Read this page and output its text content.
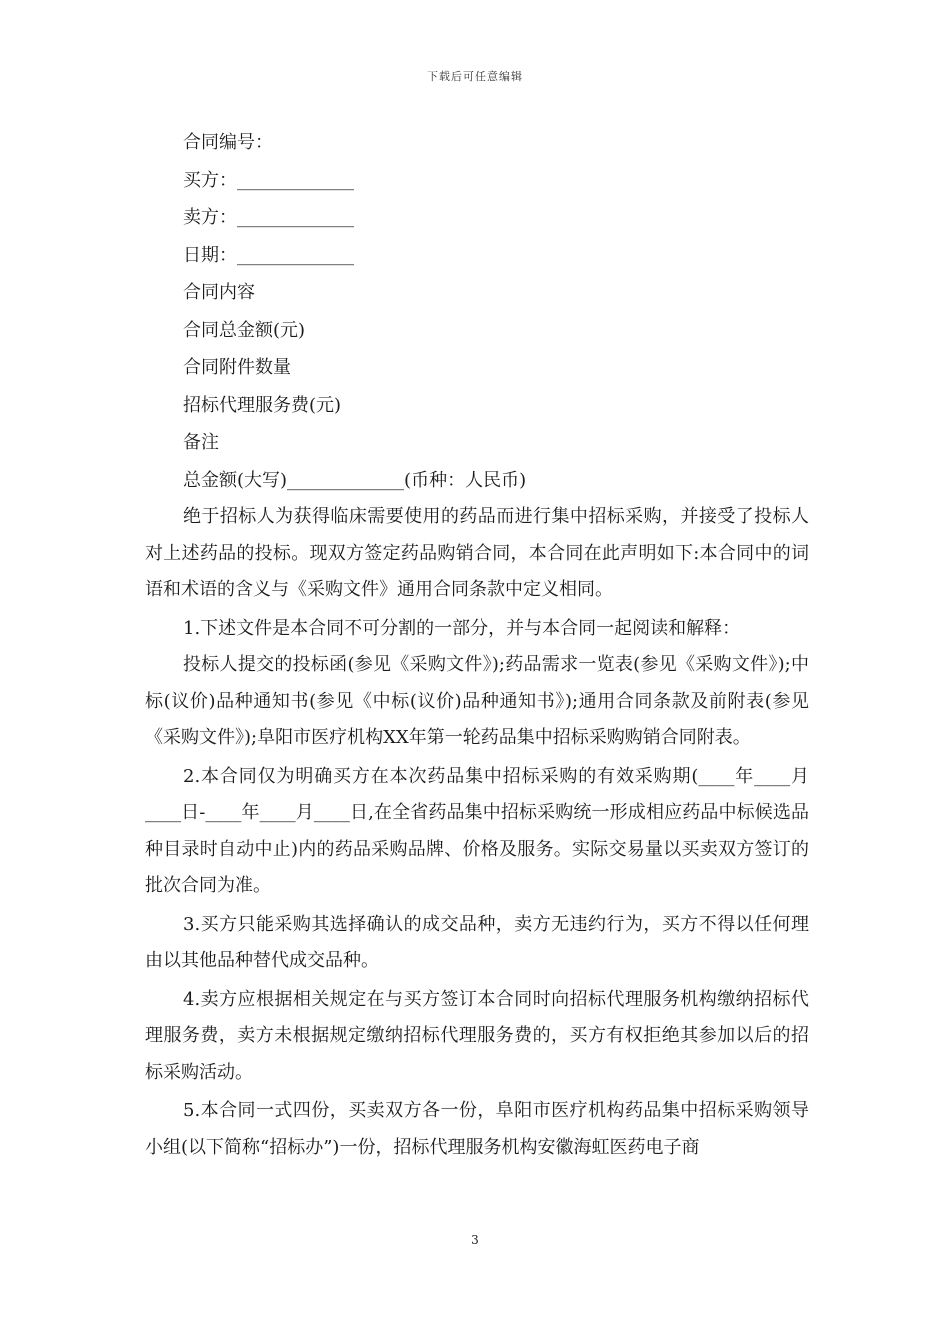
下载后可任意编辑
合同编号：
买方：_____________
卖方：_____________
日期：_____________
合同内容
合同总金额(元)
合同附件数量
招标代理服务费(元)
备注
总金额(大写)_____________(币种：人民币)

绝于招标人为获得临床需要使用的药品而进行集中招标采购，并接受了投标人对上述药品的投标。现双方签定药品购销合同，本合同在此声明如下:本合同中的词语和术语的含义与《采购文件》通用合同条款中定义相同。

1.下述文件是本合同不可分割的一部分，并与本合同一起阅读和解释：

投标人提交的投标函(参见《采购文件》);药品需求一览表(参见《采购文件》);中标(议价)品种通知书(参见《中标(议价)品种通知书》);通用合同条款及前附表(参见《采购文件》);阜阳市医疗机构XX年第一轮药品集中招标采购购销合同附表。

2.本合同仅为明确买方在本次药品集中招标采购的有效采购期(____年____月____日-____年____月____日,在全省药品集中招标采购统一形成相应药品中标候选品种目录时自动中止)内的药品采购品牌、价格及服务。实际交易量以买卖双方签订的批次合同为准。

3.买方只能采购其选择确认的成交品种，卖方无违约行为，买方不得以任何理由以其他品种替代成交品种。

4.卖方应根据相关规定在与买方签订本合同时向招标代理服务机构缴纳招标代理服务费，卖方未根据规定缴纳招标代理服务费的，买方有权拒绝其参加以后的招标采购活动。

5.本合同一式四份，买卖双方各一份，阜阳市医疗机构药品集中招标采购领导小组(以下简称“招标办”)一份，招标代理服务机构安徽海虹医药电子商

3
